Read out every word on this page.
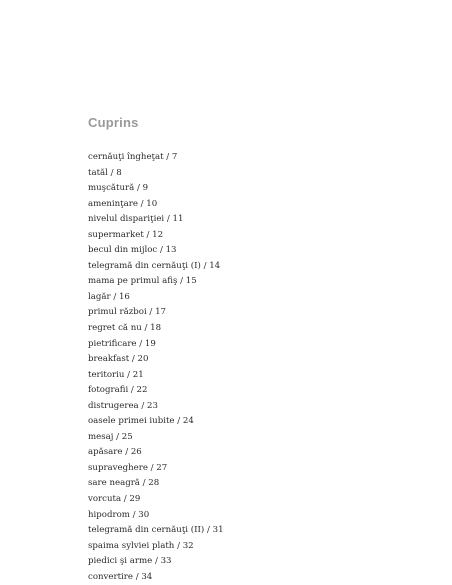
Cuprins
cernăuţi îngheţat / 7
tatăl / 8
muşcătură / 9
ameninţare / 10
nivelul dispariţiei / 11
supermarket / 12
becul din mijloc / 13
telegramă din cernăuţi (I) / 14
mama pe primul afiş / 15
lagăr / 16
primul război / 17
regret că nu / 18
pietrificare / 19
breakfast / 20
teritoriu / 21
fotografii / 22
distrugerea / 23
oasele primei iubite / 24
mesaj / 25
apăsare / 26
supraveghere / 27
sare neagră / 28
vorcuta / 29
hipodrom / 30
telegramă din cernăuţi (II) / 31
spaima sylviei plath / 32
piedici şi arme / 33
convertire / 34
